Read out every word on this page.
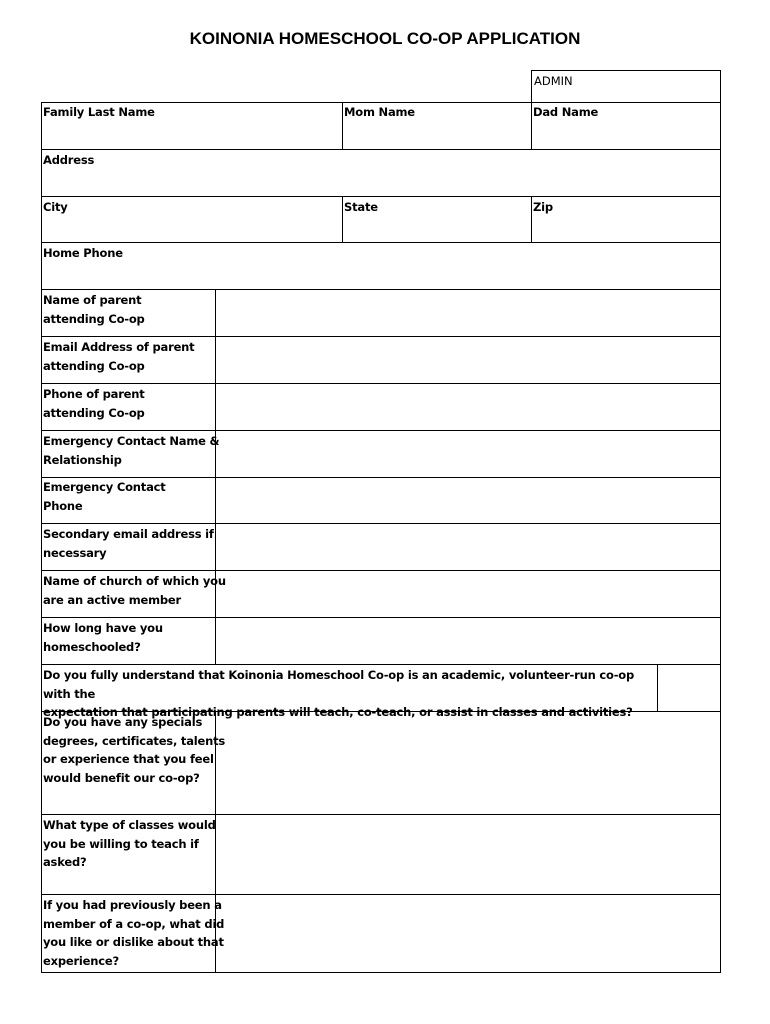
KOINONIA HOMESCHOOL CO-OP APPLICATION
ADMIN
Family Last Name	Mom Name	Dad Name
Address
City	State	Zip
Home Phone
Name of parent
attending Co-op
Email Address of parent
attending Co-op
Phone of parent
attending Co-op
Emergency Contact Name &
Relationship
Emergency Contact
Phone
Secondary email address if
necessary
Name of church of which you
are an active member
How long have you
homeschooled?
Do you fully understand that Koinonia Homeschool Co-op is an academic, volunteer-run co-op with the
expectation that participating parents will teach, co-teach, or assist in classes and activities?
Do you have any specials
degrees, certificates, talents
or experience that you feel
would benefit our co-op?
What type of classes would
you be willing to teach if
asked?
If you had previously been a
member of a co-op, what did
you like or dislike about that
experience?
